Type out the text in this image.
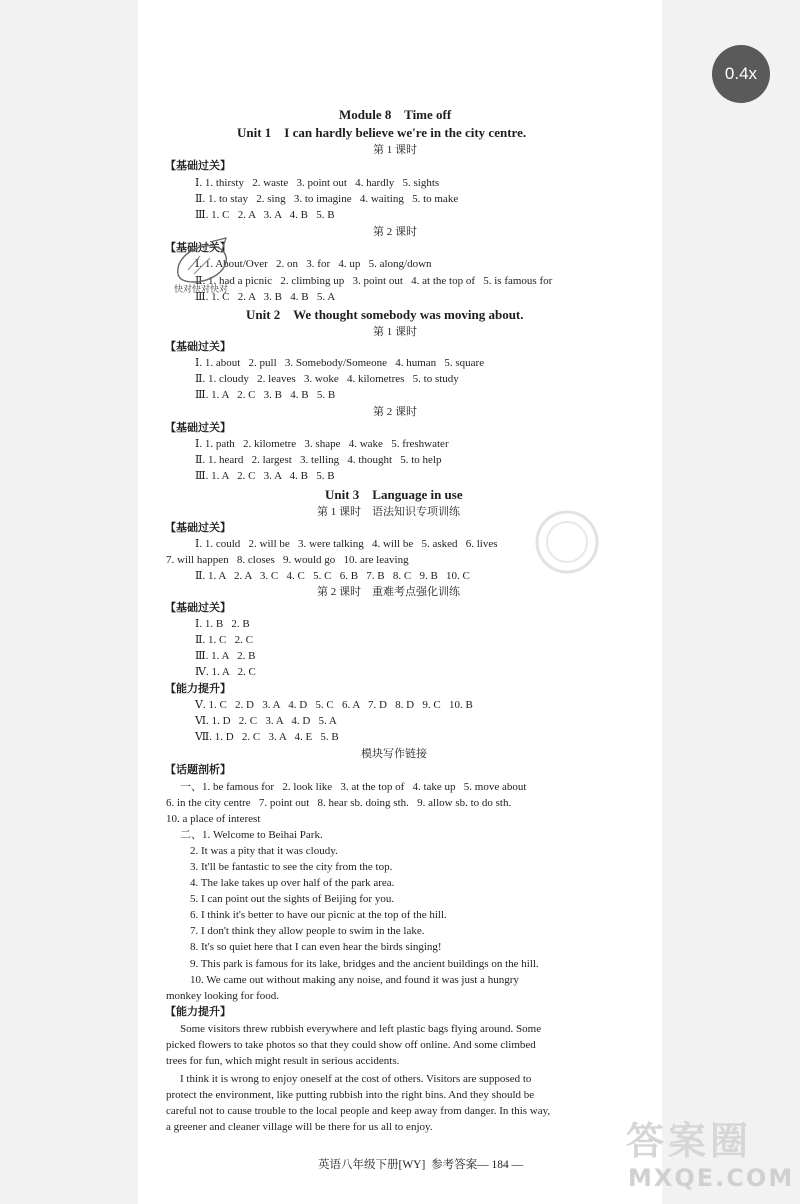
0.4x
Module 8    Time off
Unit 1    I can hardly believe we're in the city centre.
第 1 课时
【基础过关】
Ⅰ. 1. thirsty   2. waste   3. point out   4. hardly   5. sights
Ⅱ. 1. to stay   2. sing   3. to imagine   4. waiting   5. to make
Ⅲ. 1. C   2. A   3. A   4. B   5. B
第 2 课时
【基础过关】
Ⅰ. 1. About/Over   2. on   3. for   4. up   5. along/down
Ⅱ. 1. had a picnic   2. climbing up   3. point out   4. at the top of   5. is famous for
Ⅲ. 1. C   2. A   3. B   4. B   5. A
快对快对快对
Unit 2    We thought somebody was moving about.
第 1 课时
【基础过关】
Ⅰ. 1. about   2. pull   3. Somebody/Someone   4. human   5. square
Ⅱ. 1. cloudy   2. leaves   3. woke   4. kilometres   5. to study
Ⅲ. 1. A   2. C   3. B   4. B   5. B
第 2 课时
【基础过关】
Ⅰ. 1. path   2. kilometre   3. shape   4. wake   5. freshwater
Ⅱ. 1. heard   2. largest   3. telling   4. thought   5. to help
Ⅲ. 1. A   2. C   3. A   4. B   5. B
Unit 3    Language in use
第 1 课时    语法知识专项训练
【基础过关】
Ⅰ. 1. could   2. will be   3. were talking   4. will be   5. asked   6. lives
7. will happen   8. closes   9. would go   10. are leaving
Ⅱ. 1. A   2. A   3. C   4. C   5. C   6. B   7. B   8. C   9. B   10. C
第 2 课时    重难考点强化训练
【基础过关】
Ⅰ. 1. B   2. B
Ⅱ. 1. C   2. C
Ⅲ. 1. A   2. B
Ⅳ. 1. A   2. C
【能力提升】
Ⅴ. 1. C   2. D   3. A   4. D   5. C   6. A   7. D   8. D   9. C   10. B
Ⅵ. 1. D   2. C   3. A   4. D   5. A
Ⅶ. 1. D   2. C   3. A   4. E   5. B
模块写作链接
【话题剖析】
一、1. be famous for   2. look like   3. at the top of   4. take up   5. move about
6. in the city centre   7. point out   8. hear sb. doing sth.   9. allow sb. to do sth.
10. a place of interest
二、1. Welcome to Beihai Park.
2. It was a pity that it was cloudy.
3. It'll be fantastic to see the city from the top.
4. The lake takes up over half of the park area.
5. I can point out the sights of Beijing for you.
6. I think it's better to have our picnic at the top of the hill.
7. I don't think they allow people to swim in the lake.
8. It's so quiet here that I can even hear the birds singing!
9. This park is famous for its lake, bridges and the ancient buildings on the hill.
10. We came out without making any noise, and found it was just a hungry
monkey looking for food.
【能力提升】
Some visitors threw rubbish everywhere and left plastic bags flying around. Some
picked flowers to take photos so that they could show off online. And some climbed
trees for fun, which might result in serious accidents.
I think it is wrong to enjoy oneself at the cost of others. Visitors are supposed to
protect the environment, like putting rubbish into the right bins. And they should be
careful not to cause trouble to the local people and keep away from danger. In this way,
a greener and cleaner village will be there for us all to enjoy.
英语八年级下册[WY]  参考答案— 184 —
答案圈
MXQE.COM
